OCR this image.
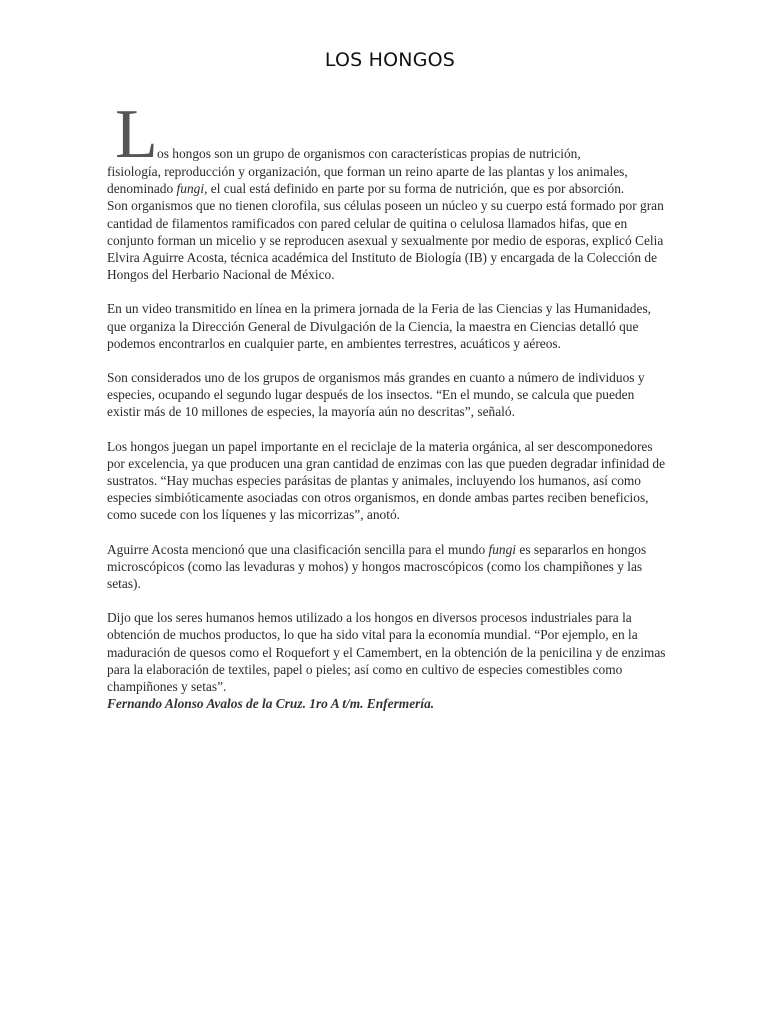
LOS HONGOS
L os hongos son un grupo de organismos con características propias de nutrición,

fisiología, reproducción y organización, que forman un reino aparte de las plantas y los animales, denominado fungi, el cual está definido en parte por su forma de nutrición, que es por absorción.

Son organismos que no tienen clorofila, sus células poseen un núcleo y su cuerpo está formado por gran cantidad de filamentos ramificados con pared celular de quitina o celulosa llamados hifas, que en conjunto forman un micelio y se reproducen asexual y sexualmente por medio de esporas, explicó Celia Elvira Aguirre Acosta, técnica académica del Instituto de Biología (IB) y encargada de la Colección de Hongos del Herbario Nacional de México.

En un video transmitido en línea en la primera jornada de la Feria de las Ciencias y las Humanidades, que organiza la Dirección General de Divulgación de la Ciencia, la maestra en Ciencias detalló que podemos encontrarlos en cualquier parte, en ambientes terrestres, acuáticos y aéreos.

Son considerados uno de los grupos de organismos más grandes en cuanto a número de individuos y especies, ocupando el segundo lugar después de los insectos. “En el mundo, se calcula que pueden existir más de 10 millones de especies, la mayoría aún no descritas”, señaló.

Los hongos juegan un papel importante en el reciclaje de la materia orgánica, al ser descomponedores por excelencia, ya que producen una gran cantidad de enzimas con las que pueden degradar infinidad de sustratos. “Hay muchas especies parásitas de plantas y animales, incluyendo los humanos, así como especies simbióticamente asociadas con otros organismos, en donde ambas partes reciben beneficios, como sucede con los líquenes y las micorrizas”, anotó.

Aguirre Acosta mencionó que una clasificación sencilla para el mundo fungi es separarlos en hongos microscópicos (como las levaduras y mohos) y hongos macroscópicos (como los champiñones y las setas).

Dijo que los seres humanos hemos utilizado a los hongos en diversos procesos industriales para la obtención de muchos productos, lo que ha sido vital para la economía mundial. “Por ejemplo, en la maduración de quesos como el Roquefort y el Camembert, en la obtención de la penicilina y de enzimas para la elaboración de textiles, papel o pieles; así como en cultivo de especies comestibles como champiñones y setas”.

Fernando Alonso Avalos de la Cruz. 1ro A t/m. Enfermería.
